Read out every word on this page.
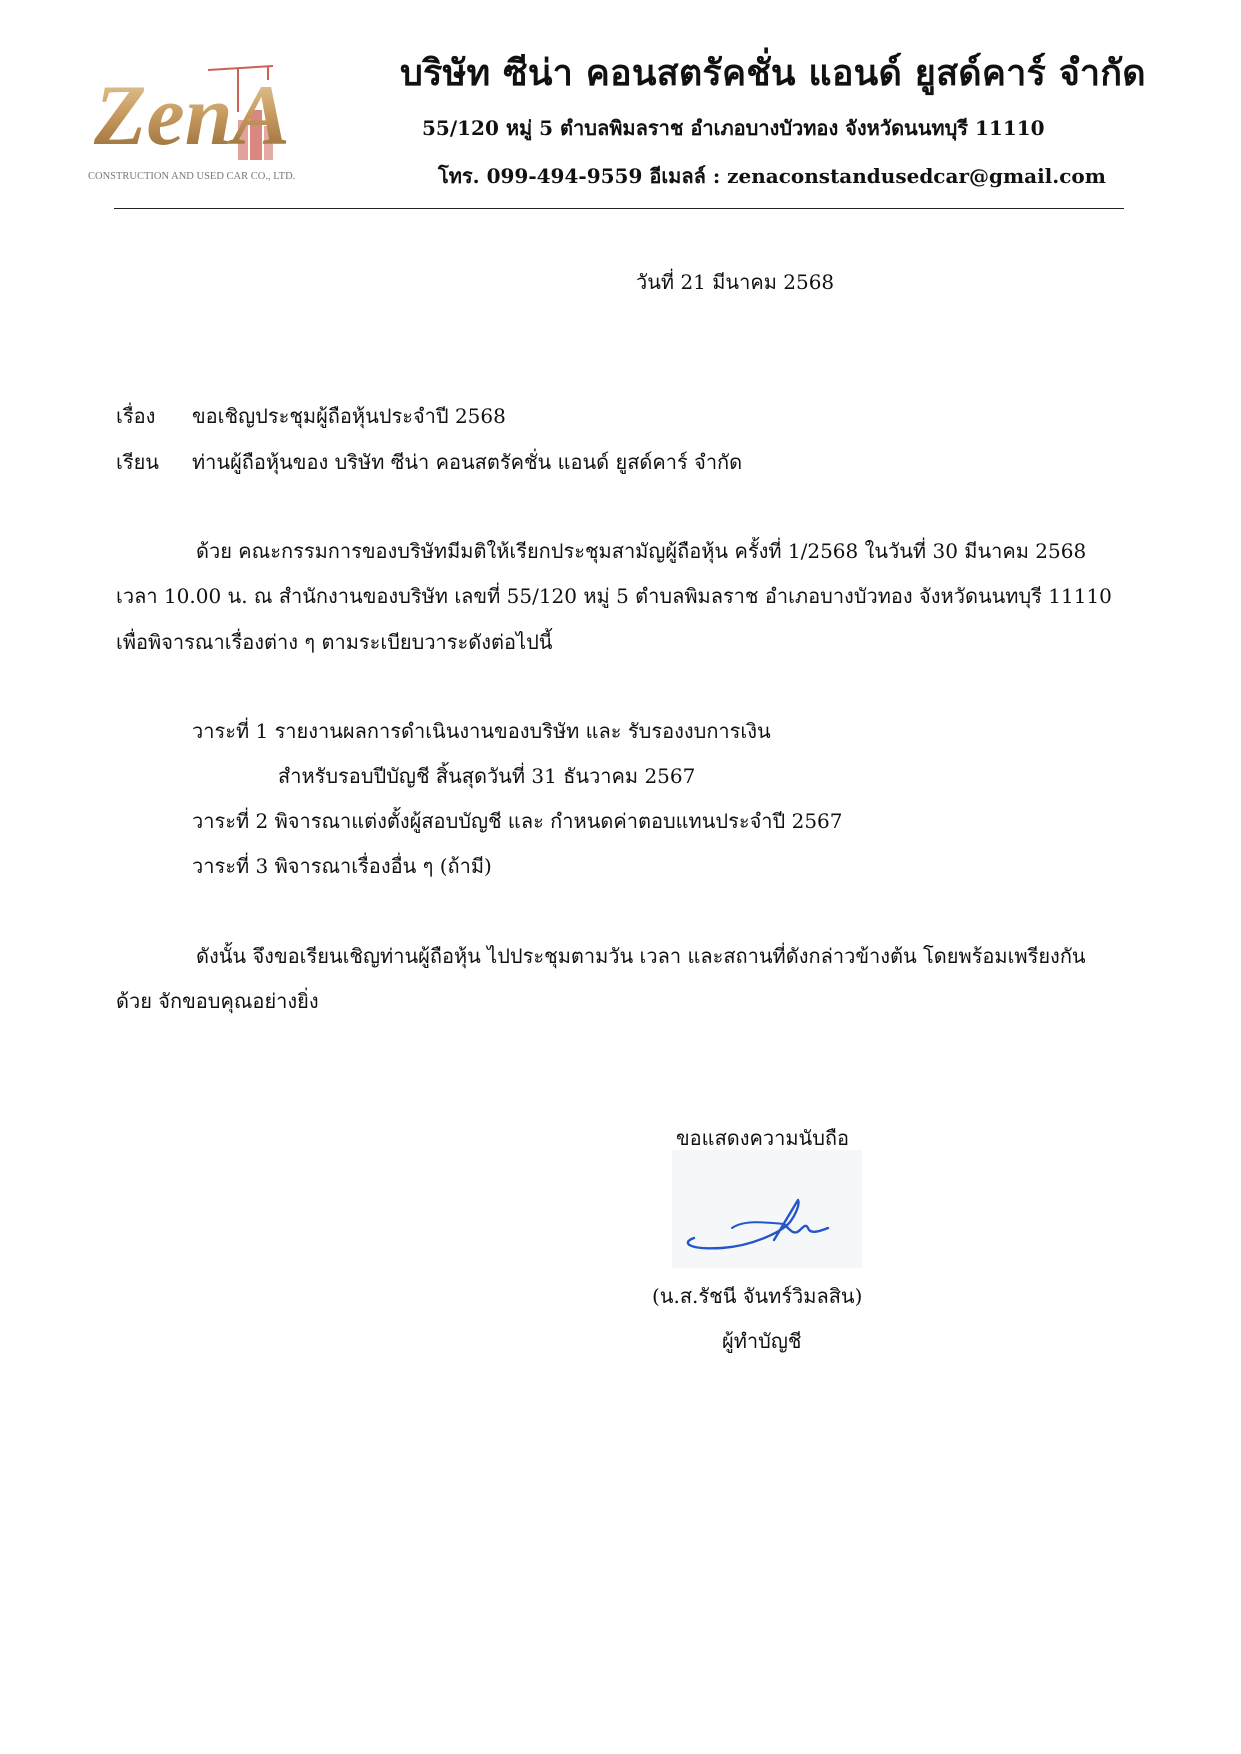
ZenA
CONSTRUCTION AND USED CAR CO., LTD.
บริษัท ซีน่า คอนสตรัคชั่น แอนด์ ยูสด์คาร์ จำกัด
55/120 หมู่ 5 ตำบลพิมลราช อำเภอบางบัวทอง จังหวัดนนทบุรี 11110
โทร. 099-494-9559 อีเมลล์ : zenaconstandusedcar@gmail.com
วันที่ 21 มีนาคม 2568
เรื่อง ขอเชิญประชุมผู้ถือหุ้นประจำปี 2568
เรียน ท่านผู้ถือหุ้นของ บริษัท ซีน่า คอนสตรัคชั่น แอนด์ ยูสด์คาร์ จำกัด
ด้วย คณะกรรมการของบริษัทมีมติให้เรียกประชุมสามัญผู้ถือหุ้น ครั้งที่ 1/2568 ในวันที่ 30 มีนาคม 2568
เวลา 10.00 น. ณ สำนักงานของบริษัท เลขที่ 55/120 หมู่ 5 ตำบลพิมลราช อำเภอบางบัวทอง จังหวัดนนทบุรี 11110
เพื่อพิจารณาเรื่องต่าง ๆ ตามระเบียบวาระดังต่อไปนี้
วาระที่ 1 รายงานผลการดำเนินงานของบริษัท และ รับรองงบการเงิน
สำหรับรอบปีบัญชี สิ้นสุดวันที่ 31 ธันวาคม 2567
วาระที่ 2 พิจารณาแต่งตั้งผู้สอบบัญชี และ กำหนดค่าตอบแทนประจำปี 2567
วาระที่ 3 พิจารณาเรื่องอื่น ๆ (ถ้ามี)
ดังนั้น จึงขอเรียนเชิญท่านผู้ถือหุ้น ไปประชุมตามวัน เวลา และสถานที่ดังกล่าวข้างต้น โดยพร้อมเพรียงกัน
ด้วย จักขอบคุณอย่างยิ่ง
ขอแสดงความนับถือ
(น.ส.รัชนี จันทร์วิมลสิน)
ผู้ทำบัญชี
